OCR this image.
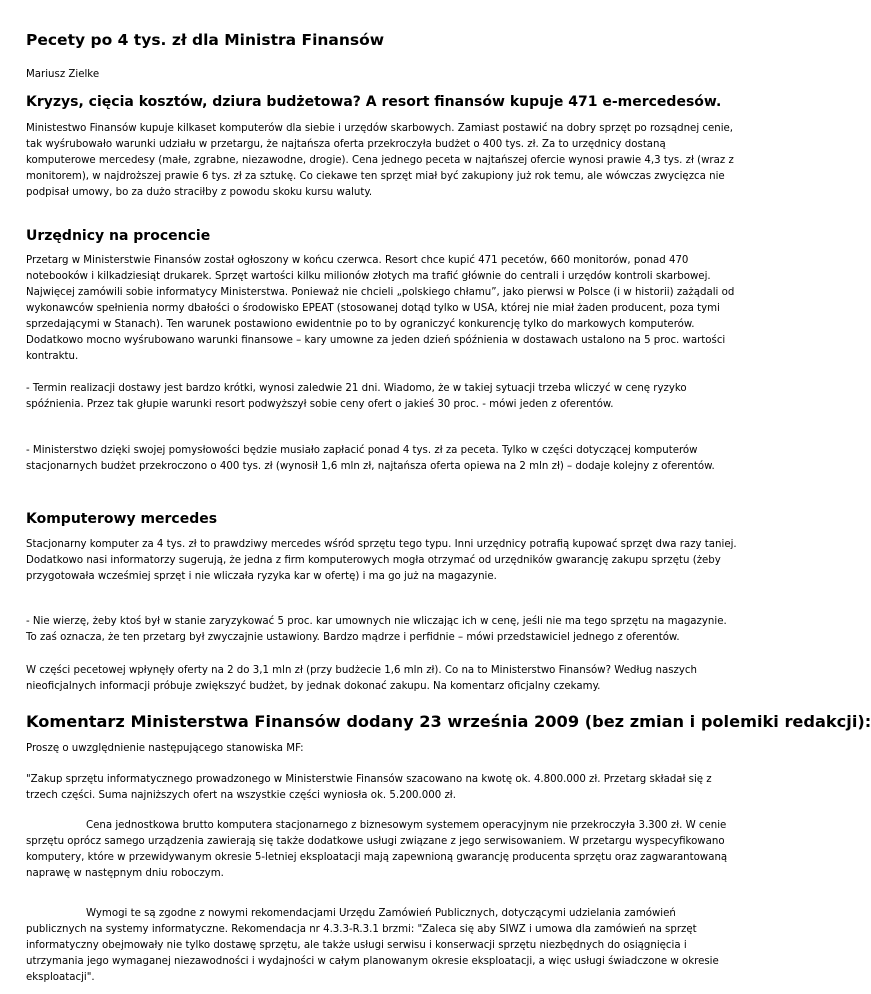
Pecety po 4 tys. zł dla Ministra Finansów

Mariusz Zielke

Kryzys, cięcia kosztów, dziura budżetowa? A resort finansów kupuje 471 e-mercedesów.

Ministestwo Finansów kupuje kilkaset komputerów dla siebie i urzędów skarbowych. Zamiast postawić na dobry sprzęt po rozsądnej cenie, tak wyśrubowało warunki udziału w przetargu, że najtańsza oferta przekroczyła budżet o 400 tys. zł. Za to urzędnicy dostaną komputerowe mercedesy (małe, zgrabne, niezawodne, drogie). Cena jednego peceta w najtańszej ofercie wynosi prawie 4,3 tys. zł (wraz z monitorem), w najdroższej prawie 6 tys. zł za sztukę. Co ciekawe ten sprzęt miał być zakupiony już rok temu, ale wówczas zwycięzca nie podpisał umowy, bo za dużo straciłby z powodu skoku kursu waluty.

Urzędnicy na procencie

Przetarg w Ministerstwie Finansów został ogłoszony w końcu czerwca. Resort chce kupić 471 pecetów, 660 monitorów, ponad 470 notebooków i kilkadziesiąt drukarek. Sprzęt wartości kilku milionów złotych ma trafić głównie do centrali i urzędów kontroli skarbowej. Najwięcej zamówili sobie informatycy Ministerstwa. Ponieważ nie chcieli „polskiego chłamu”, jako pierwsi w Polsce (i w historii) zażądali od wykonawców spełnienia normy dbałości o środowisko EPEAT (stosowanej dotąd tylko w USA, której nie miał żaden producent, poza tymi sprzedającymi w Stanach). Ten warunek postawiono ewidentnie po to by ograniczyć konkurencję tylko do markowych komputerów. Dodatkowo mocno wyśrubowano warunki finansowe – kary umowne za jeden dzień spóźnienia w dostawach ustalono na 5 proc. wartości kontraktu.

- Termin realizacji dostawy jest bardzo krótki, wynosi zaledwie 21 dni. Wiadomo, że w takiej sytuacji trzeba wliczyć w cenę ryzyko spóźnienia. Przez tak głupie warunki resort podwyższył sobie ceny ofert o jakieś 30 proc. - mówi jeden z oferentów.

- Ministerstwo dzięki swojej pomysłowości będzie musiało zapłacić ponad 4 tys. zł za peceta. Tylko w części dotyczącej komputerów stacjonarnych budżet przekroczono o 400 tys. zł (wynosił 1,6 mln zł, najtańsza oferta opiewa na 2 mln zł) – dodaje kolejny z oferentów.

Komputerowy mercedes

Stacjonarny komputer za 4 tys. zł to prawdziwy mercedes wśród sprzętu tego typu. Inni urzędnicy potrafią kupować sprzęt dwa razy taniej. Dodatkowo nasi informatorzy sugerują, że jedna z firm komputerowych mogła otrzymać od urzędników gwarancję zakupu sprzętu (żeby przygotowała wcześmiej sprzęt i nie wliczała ryzyka kar w ofertę) i ma go już na magazynie.

- Nie wierzę, żeby ktoś był w stanie zaryzykować 5 proc. kar umownych nie wliczając ich w cenę, jeśli nie ma tego sprzętu na magazynie. To zaś oznacza, że ten przetarg był zwyczajnie ustawiony. Bardzo mądrze i perfidnie – mówi przedstawiciel jednego z oferentów.

W części pecetowej wpłynęły oferty na 2 do 3,1 mln zł (przy budżecie 1,6 mln zł). Co na to Ministerstwo Finansów? Według naszych nieoficjalnych informacji próbuje zwiększyć budżet, by jednak dokonać zakupu. Na komentarz oficjalny czekamy.

Komentarz Ministerstwa Finansów dodany 23 września 2009 (bez zmian i polemiki redakcji):

Proszę o uwzględnienie następującego stanowiska MF:

"Zakup sprzętu informatycznego prowadzonego w Ministerstwie Finansów szacowano na kwotę ok. 4.800.000 zł. Przetarg składał się z trzech części. Suma najniższych ofert na wszystkie części wyniosła ok. 5.200.000 zł.

Cena jednostkowa brutto komputera stacjonarnego z biznesowym systemem operacyjnym nie przekroczyła 3.300 zł. W cenie sprzętu oprócz samego urządzenia zawierają się także dodatkowe usługi związane z jego serwisowaniem. W przetargu wyspecyfikowano komputery, które w przewidywanym okresie 5-letniej eksploatacji mają zapewnioną gwarancję producenta sprzętu oraz zagwarantowaną naprawę w następnym dniu roboczym.

Wymogi te są zgodne z nowymi rekomendacjami Urzędu Zamówień Publicznych, dotyczącymi udzielania zamówień publicznych na systemy informatyczne. Rekomendacja nr 4.3.3-R.3.1 brzmi: "Zaleca się aby SIWZ i umowa dla zamówień na sprzęt informatyczny obejmowały nie tylko dostawę sprzętu, ale także usługi serwisu i konserwacji sprzętu niezbędnych do osiągnięcia i utrzymania jego wymaganej niezawodności i wydajności w całym planowanym okresie eksploatacji, a więc usługi świadczone w okresie eksploatacji".
